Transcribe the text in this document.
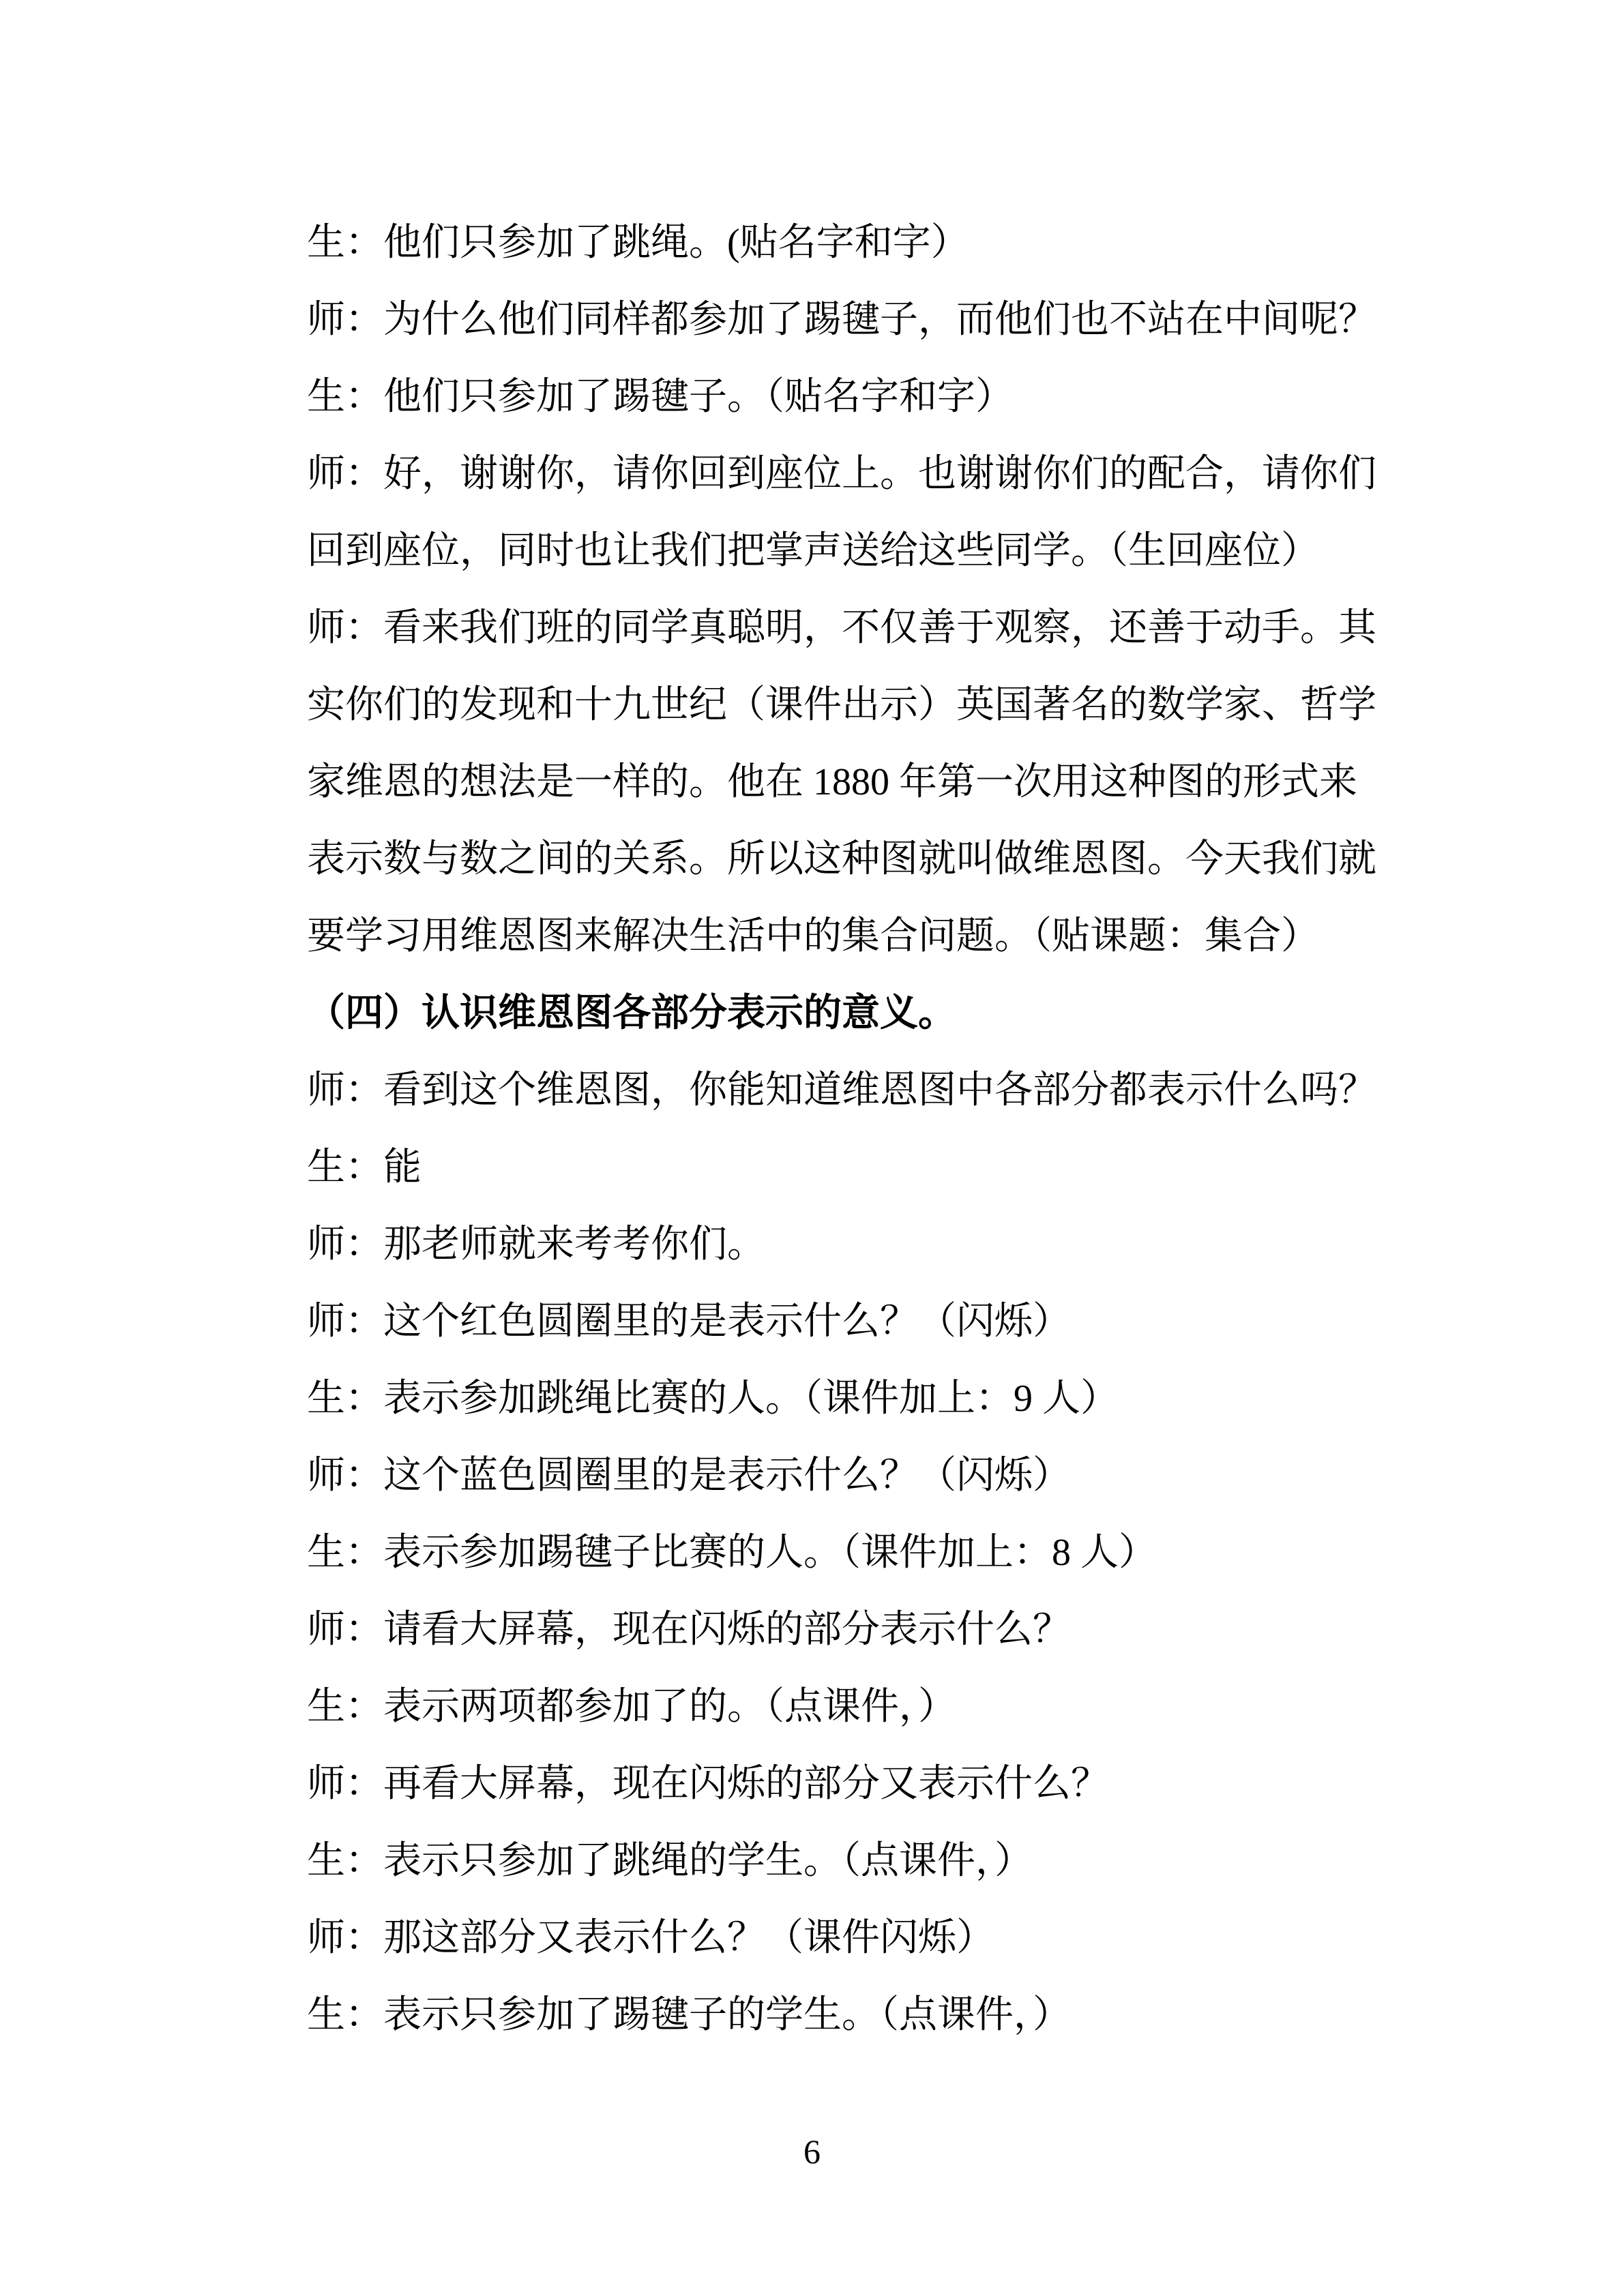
生：他们只参加了跳绳。(贴名字和字）
师：为什么他们同样都参加了踢毽子，而他们也不站在中间呢？
生：他们只参加了踢毽子。（贴名字和字）
师：好，谢谢你，请你回到座位上。也谢谢你们的配合，请你们
回到座位，同时也让我们把掌声送给这些同学。（生回座位）
师：看来我们班的同学真聪明，不仅善于观察，还善于动手。其
实你们的发现和十九世纪（课件出示）英国著名的数学家、哲学
家维恩的想法是一样的。他在 1880 年第一次用这种图的形式来
表示数与数之间的关系。所以这种图就叫做维恩图。今天我们就
要学习用维恩图来解决生活中的集合问题。（贴课题：集合）
（四）认识维恩图各部分表示的意义。
师：看到这个维恩图，你能知道维恩图中各部分都表示什么吗？
生：能
师：那老师就来考考你们。
师：这个红色圆圈里的是表示什么？（闪烁）
生：表示参加跳绳比赛的人。（课件加上：9 人）
师：这个蓝色圆圈里的是表示什么？（闪烁）
生：表示参加踢毽子比赛的人。（课件加上：8 人）
师：请看大屏幕，现在闪烁的部分表示什么？
生：表示两项都参加了的。（点课件，）
师：再看大屏幕，现在闪烁的部分又表示什么？
生：表示只参加了跳绳的学生。（点课件，）
师：那这部分又表示什么？（课件闪烁）
生：表示只参加了踢毽子的学生。（点课件，）
6
